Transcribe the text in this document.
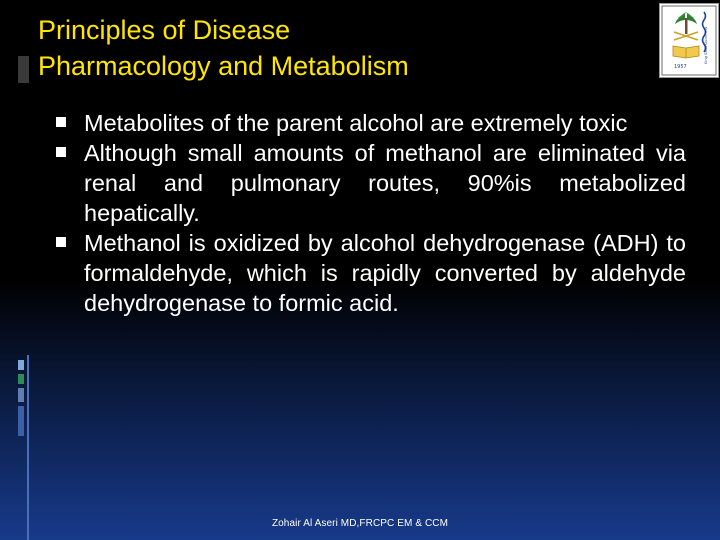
Principles of Disease
Pharmacology and Metabolism	1957
King Saud University

Metabolites of the parent alcohol are extremely toxic

Although small amounts of methanol are eliminated via renal and pulmonary routes, 90%is metabolized hepatically.

Methanol is oxidized by alcohol dehydrogenase (ADH) to formaldehyde, which is rapidly converted by aldehyde dehydrogenase to formic acid.

Zohair Al Aseri MD,FRCPC EM & CCM
